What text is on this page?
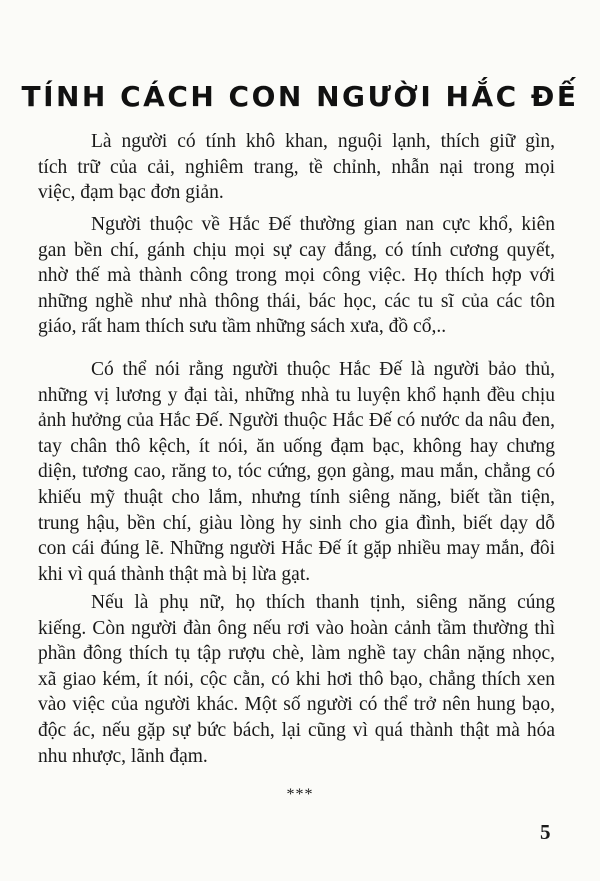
TÍNH CÁCH CON NGƯỜI HẮC ĐẾ
Là người có tính khô khan, nguội lạnh, thích giữ gìn,
tích trữ của cải, nghiêm trang, tề chỉnh, nhẫn nại trong mọi
việc, đạm bạc đơn giản.
Người thuộc về Hắc Đế thường gian nan cực khổ, kiên
gan bền chí, gánh chịu mọi sự cay đắng, có tính cương quyết,
nhờ thế mà thành công trong mọi công việc. Họ thích hợp với
những nghề như nhà thông thái, bác học, các tu sĩ của các tôn
giáo, rất ham thích sưu tầm những sách xưa, đồ cổ,..
Có thể nói rằng người thuộc Hắc Đế là người bảo thủ,
những vị lương y đại tài, những nhà tu luyện khổ hạnh đều chịu
ảnh hưởng của Hắc Đế. Người thuộc Hắc Đế có nước da nâu đen,
tay chân thô kệch, ít nói, ăn uống đạm bạc, không hay chưng
diện, tương cao, răng to, tóc cứng, gọn gàng, mau mắn, chẳng có
khiếu mỹ thuật cho lắm, nhưng tính siêng năng, biết tần tiện,
trung hậu, bền chí, giàu lòng hy sinh cho gia đình, biết dạy dỗ
con cái đúng lẽ. Những người Hắc Đế ít gặp nhiều may mắn, đôi
khi vì quá thành thật mà bị lừa gạt.
Nếu là phụ nữ, họ thích thanh tịnh, siêng năng cúng
kiếng. Còn người đàn ông nếu rơi vào hoàn cảnh tầm thường thì
phần đông thích tụ tập rượu chè, làm nghề tay chân nặng nhọc,
xã giao kém, ít nói, cộc cằn, có khi hơi thô bạo, chẳng thích xen
vào việc của người khác. Một số người có thể trở nên hung bạo,
độc ác, nếu gặp sự bức bách, lại cũng vì quá thành thật mà hóa
nhu nhược, lãnh đạm.
***
5
